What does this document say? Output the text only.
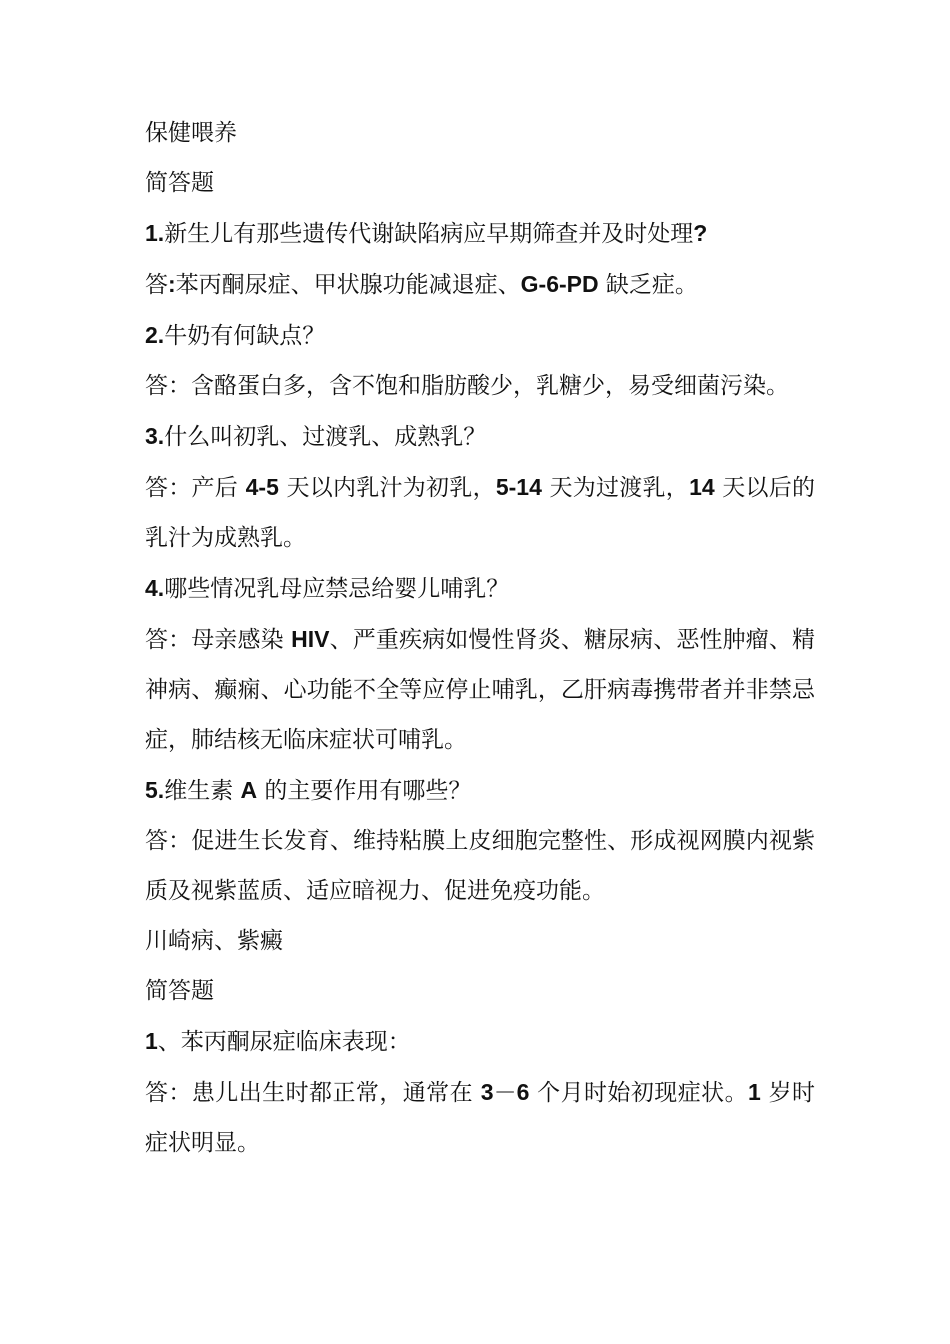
保健喂养

简答题

1.新生儿有那些遗传代谢缺陷病应早期筛查并及时处理?

答:苯丙酮尿症、甲状腺功能减退症、G-6-PD 缺乏症。

2.牛奶有何缺点？

答：含酪蛋白多，含不饱和脂肪酸少，乳糖少，易受细菌污染。

3.什么叫初乳、过渡乳、成熟乳？

答：产后 4-5 天以内乳汁为初乳，5-14 天为过渡乳，14 天以后的乳汁为成熟乳。

4.哪些情况乳母应禁忌给婴儿哺乳？

答：母亲感染 HIV、严重疾病如慢性肾炎、糖尿病、恶性肿瘤、精神病、癫痫、心功能不全等应停止哺乳，乙肝病毒携带者并非禁忌症，肺结核无临床症状可哺乳。

5.维生素 A 的主要作用有哪些？

答：促进生长发育、维持粘膜上皮细胞完整性、形成视网膜内视紫质及视紫蓝质、适应暗视力、促进免疫功能。

川崎病、紫癜

简答题

1、苯丙酮尿症临床表现：

答：患儿出生时都正常，通常在 3－6 个月时始初现症状。1 岁时症状明显。
